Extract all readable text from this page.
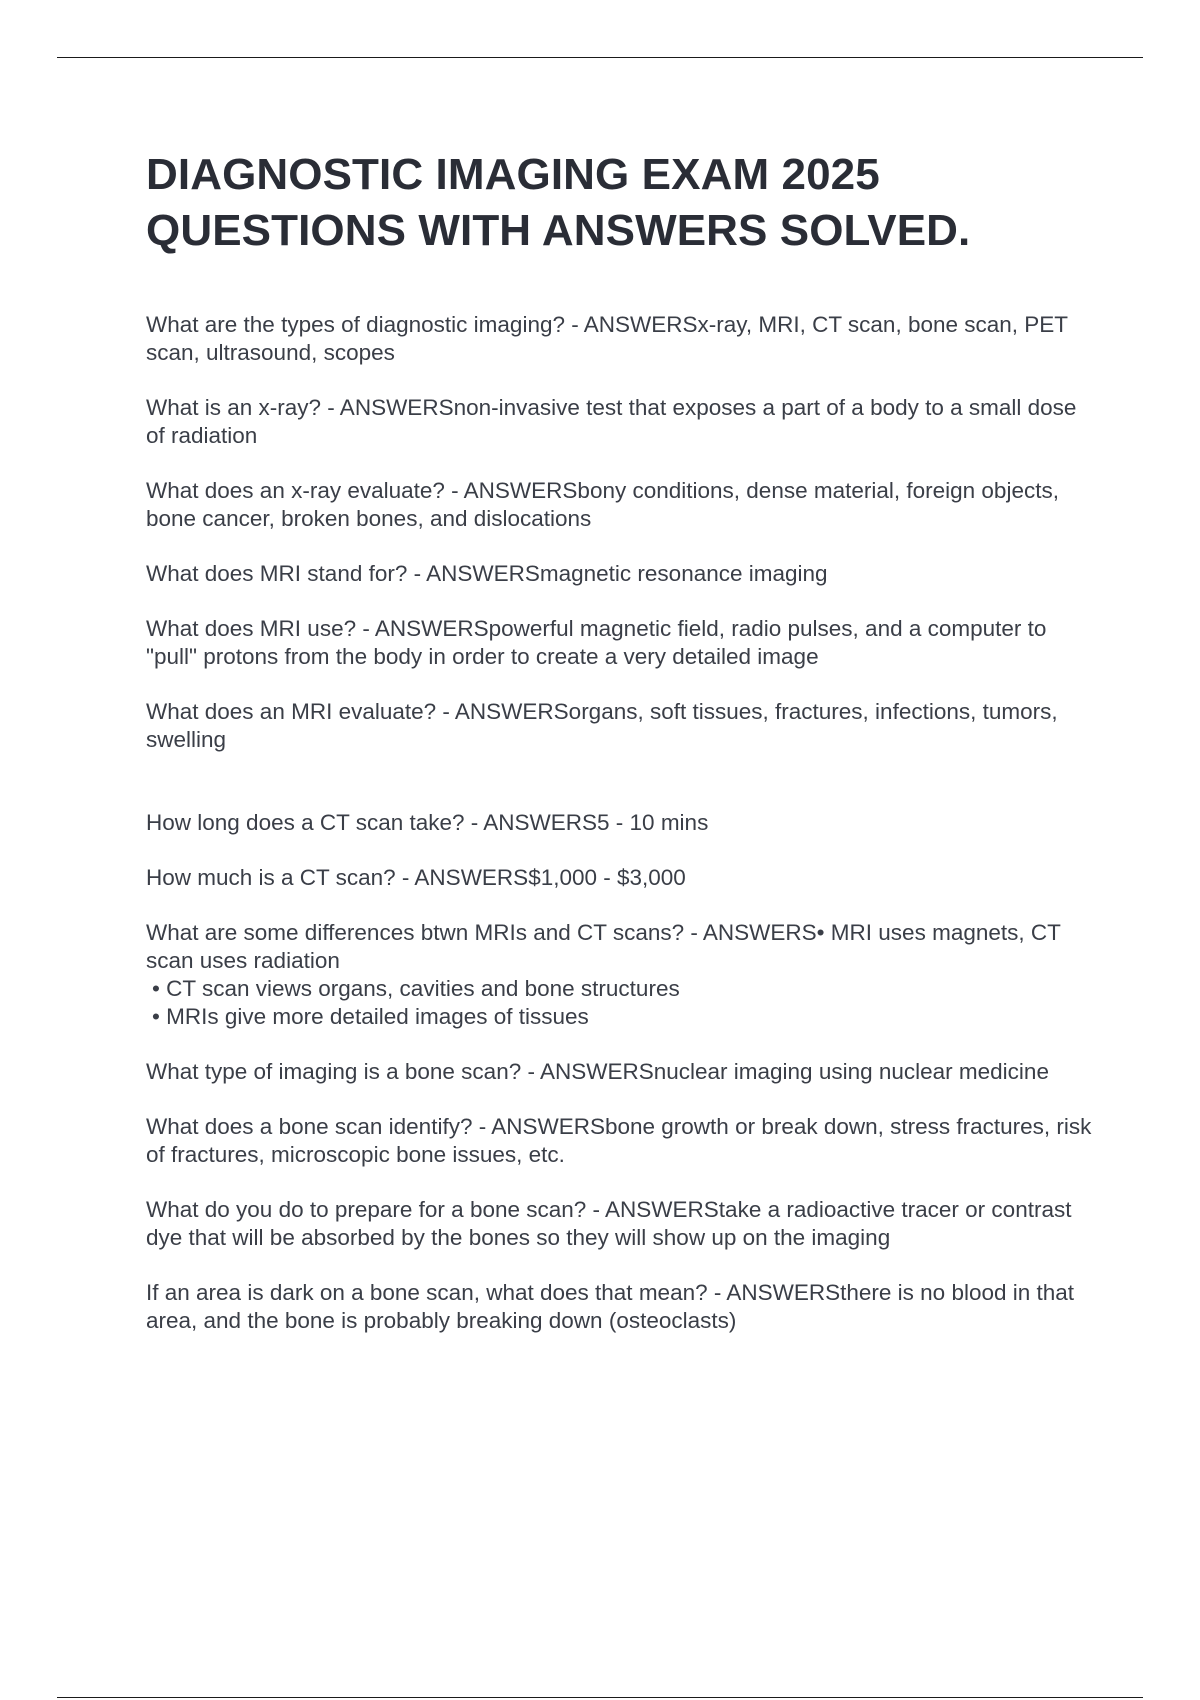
DIAGNOSTIC IMAGING EXAM 2025
QUESTIONS WITH ANSWERS SOLVED.

What are the types of diagnostic imaging? - ANSWERSx-ray, MRI, CT scan, bone scan, PET scan, ultrasound, scopes

What is an x-ray? - ANSWERSnon-invasive test that exposes a part of a body to a small dose of radiation

What does an x-ray evaluate? - ANSWERSbony conditions, dense material, foreign objects, bone cancer, broken bones, and dislocations

What does MRI stand for? - ANSWERSmagnetic resonance imaging

What does MRI use? - ANSWERSpowerful magnetic field, radio pulses, and a computer to "pull" protons from the body in order to create a very detailed image

What does an MRI evaluate? - ANSWERSorgans, soft tissues, fractures, infections, tumors, swelling

How long does a CT scan take? - ANSWERS5 - 10 mins

How much is a CT scan? - ANSWERS$1,000 - $3,000

What are some differences btwn MRIs and CT scans? - ANSWERS• MRI uses magnets, CT scan uses radiation
• CT scan views organs, cavities and bone structures
• MRIs give more detailed images of tissues

What type of imaging is a bone scan? - ANSWERSnuclear imaging using nuclear medicine

What does a bone scan identify? - ANSWERSbone growth or break down, stress fractures, risk of fractures, microscopic bone issues, etc.

What do you do to prepare for a bone scan? - ANSWERStake a radioactive tracer or contrast dye that will be absorbed by the bones so they will show up on the imaging

If an area is dark on a bone scan, what does that mean? - ANSWERSthere is no blood in that area, and the bone is probably breaking down (osteoclasts)
